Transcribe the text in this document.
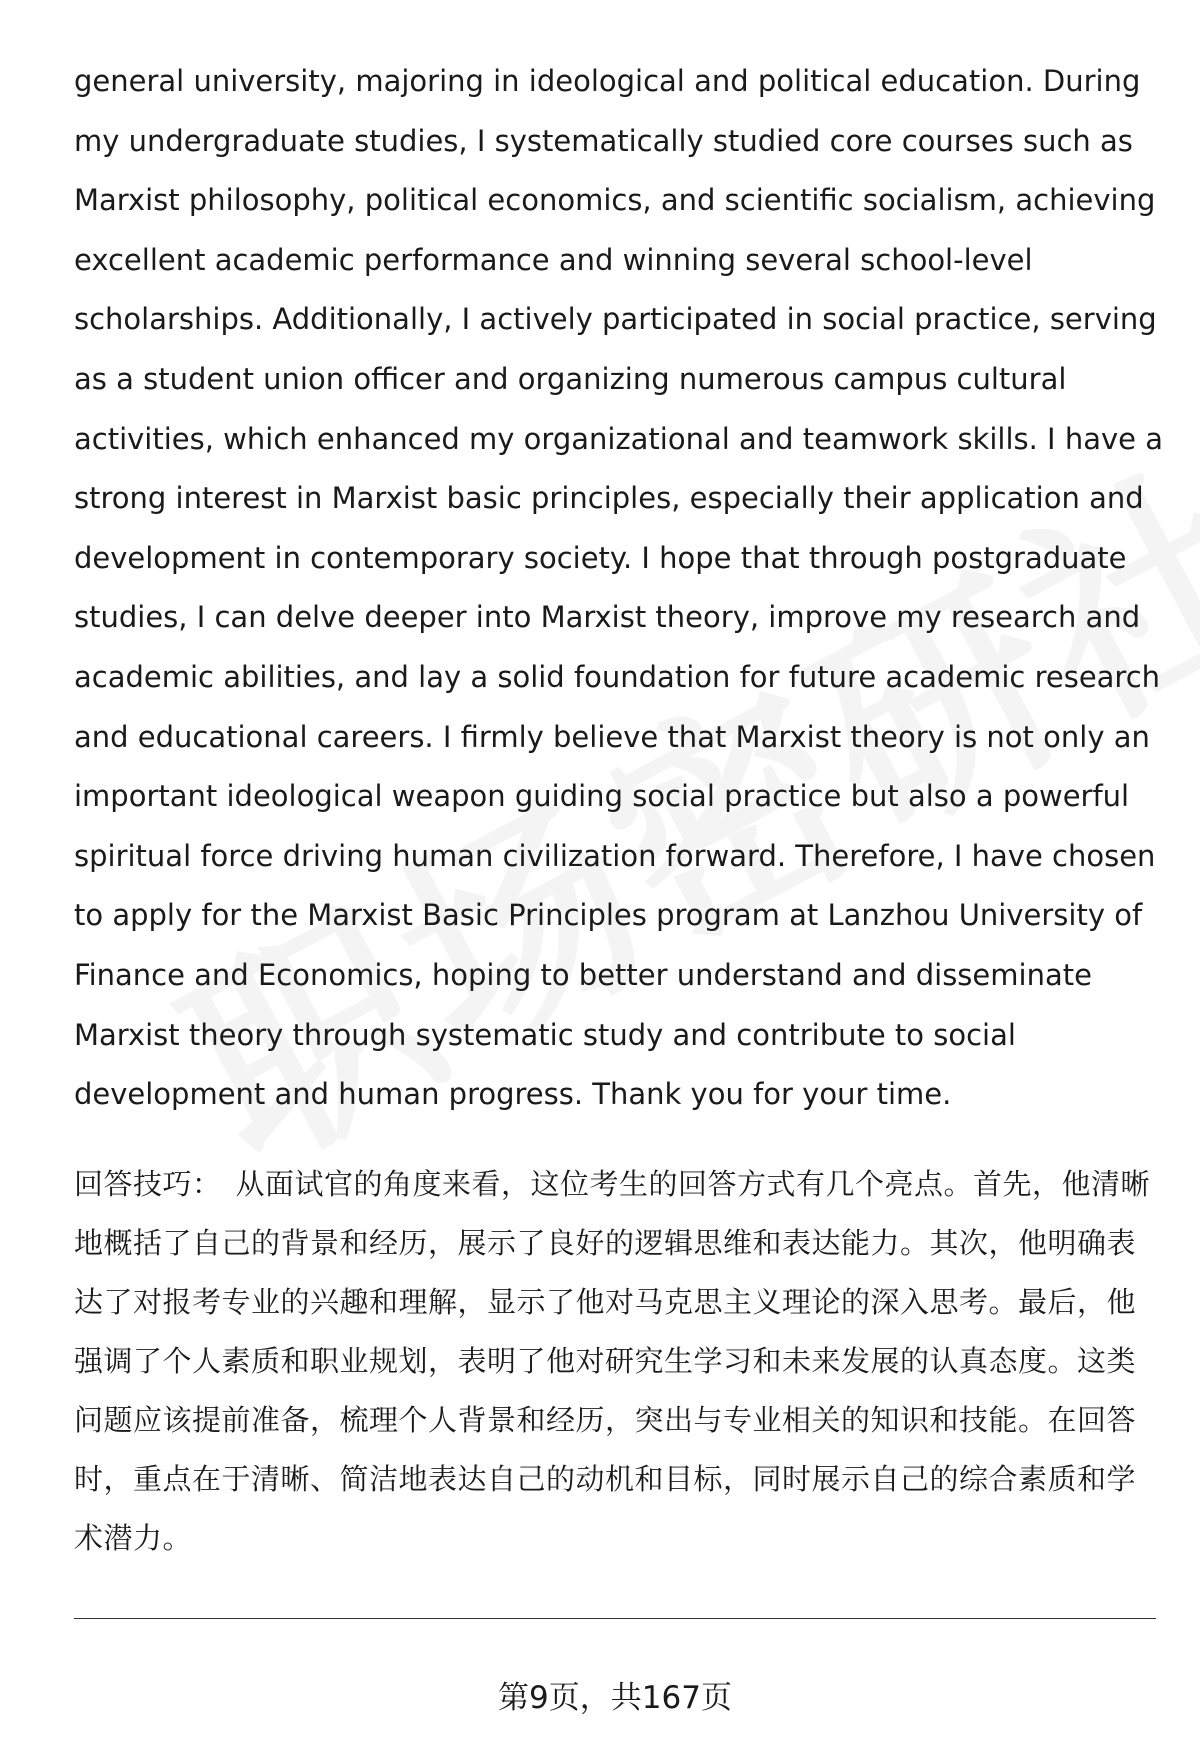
general university, majoring in ideological and political education. During my undergraduate studies, I systematically studied core courses such as Marxist philosophy, political economics, and scientific socialism, achieving excellent academic performance and winning several school-level scholarships. Additionally, I actively participated in social practice, serving as a student union officer and organizing numerous campus cultural activities, which enhanced my organizational and teamwork skills. I have a strong interest in Marxist basic principles, especially their application and development in contemporary society. I hope that through postgraduate studies, I can delve deeper into Marxist theory, improve my research and academic abilities, and lay a solid foundation for future academic research and educational careers. I firmly believe that Marxist theory is not only an important ideological weapon guiding social practice but also a powerful spiritual force driving human civilization forward. Therefore, I have chosen to apply for the Marxist Basic Principles program at Lanzhou University of Finance and Economics, hoping to better understand and disseminate Marxist theory through systematic study and contribute to social development and human progress. Thank you for your time.

回答技巧： 从面试官的角度来看，这位考生的回答方式有几个亮点。首先，他清晰地概括了自己的背景和经历，展示了良好的逻辑思维和表达能力。其次，他明确表达了对报考专业的兴趣和理解，显示了他对马克思主义理论的深入思考。最后，他强调了个人素质和职业规划，表明了他对研究生学习和未来发展的认真态度。这类问题应该提前准备，梳理个人背景和经历，突出与专业相关的知识和技能。在回答时，重点在于清晰、简洁地表达自己的动机和目标，同时展示自己的综合素质和学术潜力。

第9页，共167页
